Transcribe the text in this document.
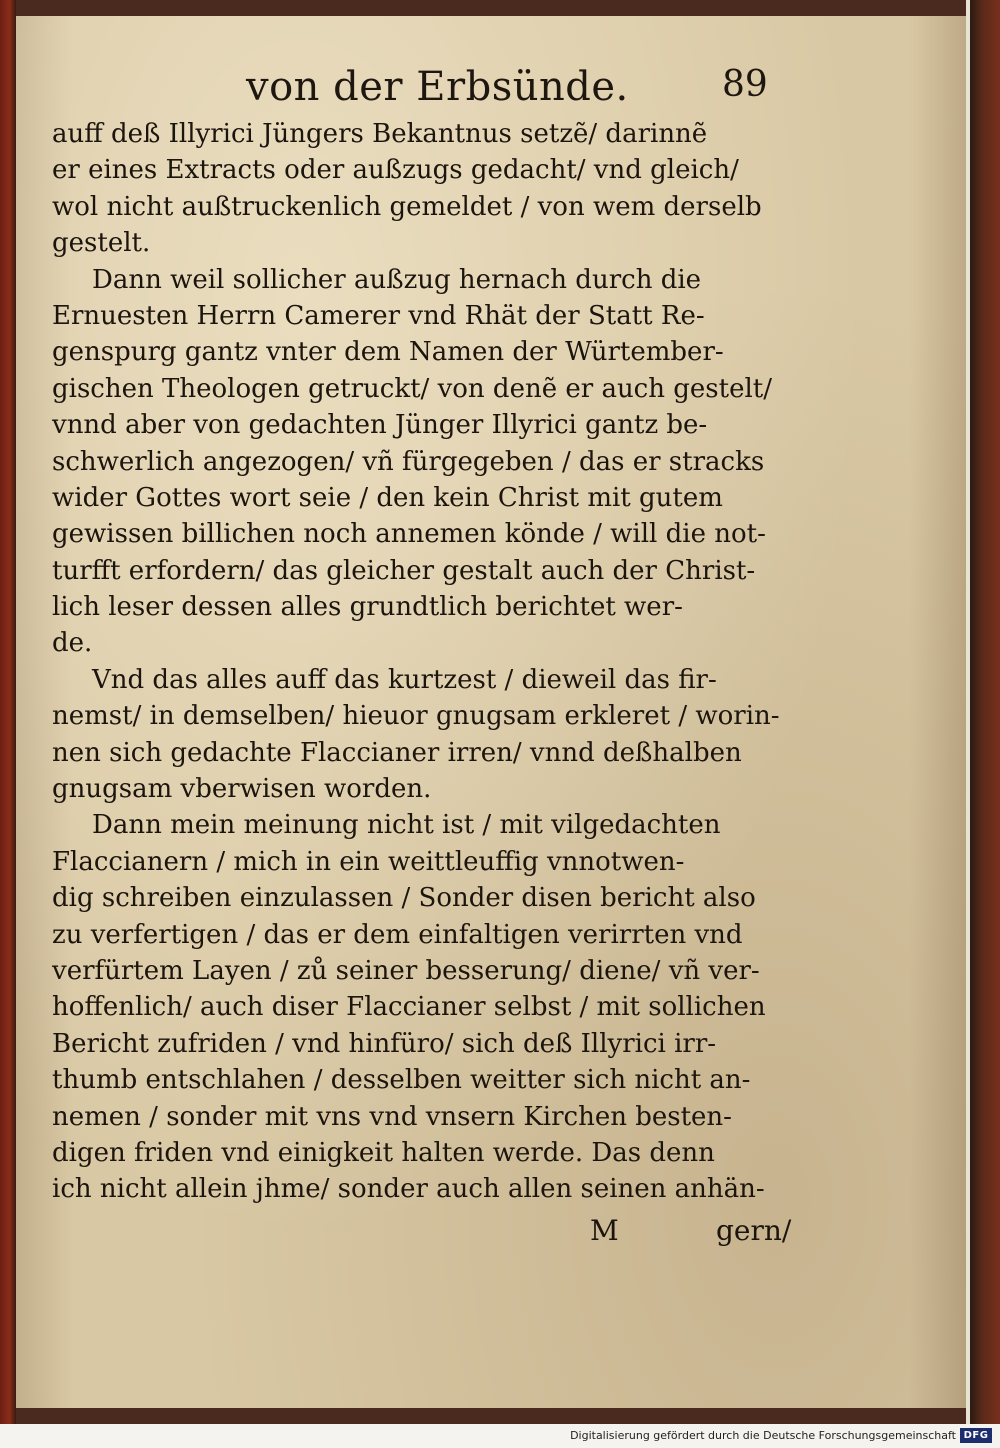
von der Erbsünde.	89
auff deß Illyrici Jüngers Bekantnus setzẽ/ darinnẽ
er eines Extracts oder außzugs gedacht/ vnd gleich/
wol nicht außtruckenlich gemeldet / von wem derselb
gestelt.
Dann weil sollicher außzug hernach durch die
Ernuesten Herrn Camerer vnd Rhät der Statt Re-
genspurg gantz vnter dem Namen der Würtember-
gischen Theologen getruckt/ von denẽ er auch gestelt/
vnnd aber von gedachten Jünger Illyrici gantz be-
schwerlich angezogen/ vñ fürgegeben / das er stracks
wider Gottes wort seie / den kein Christ mit gutem
gewissen billichen noch annemen könde / will die not-
turfft erfordern/ das gleicher gestalt auch der Christ-
lich leser dessen alles grundtlich berichtet wer-
de.
Vnd das alles auff das kurtzest / dieweil das fir-
nemst/ in demselben/ hieuor gnugsam erkleret / worin-
nen sich gedachte Flaccianer irren/ vnnd deßhalben
gnugsam vberwisen worden.
Dann mein meinung nicht ist / mit vilgedachten
Flaccianern / mich in ein weittleuffig vnnotwen-
dig schreiben einzulassen / Sonder disen bericht also
zu verfertigen / das er dem einfaltigen verirrten vnd
verfürtem Layen / zů seiner besserung/ diene/ vñ ver-
hoffenlich/ auch diser Flaccianer selbst / mit sollichen
Bericht zufriden / vnd hinfüro/ sich deß Illyrici irr-
thumb entschlahen / desselben weitter sich nicht an-
nemen / sonder mit vns vnd vnsern Kirchen besten-
digen friden vnd einigkeit halten werde. Das denn
ich nicht allein jhme/ sonder auch allen seinen anhän-
M	gern/
Digitalisierung gefördert durch die Deutsche Forschungsgemeinschaft DFG
